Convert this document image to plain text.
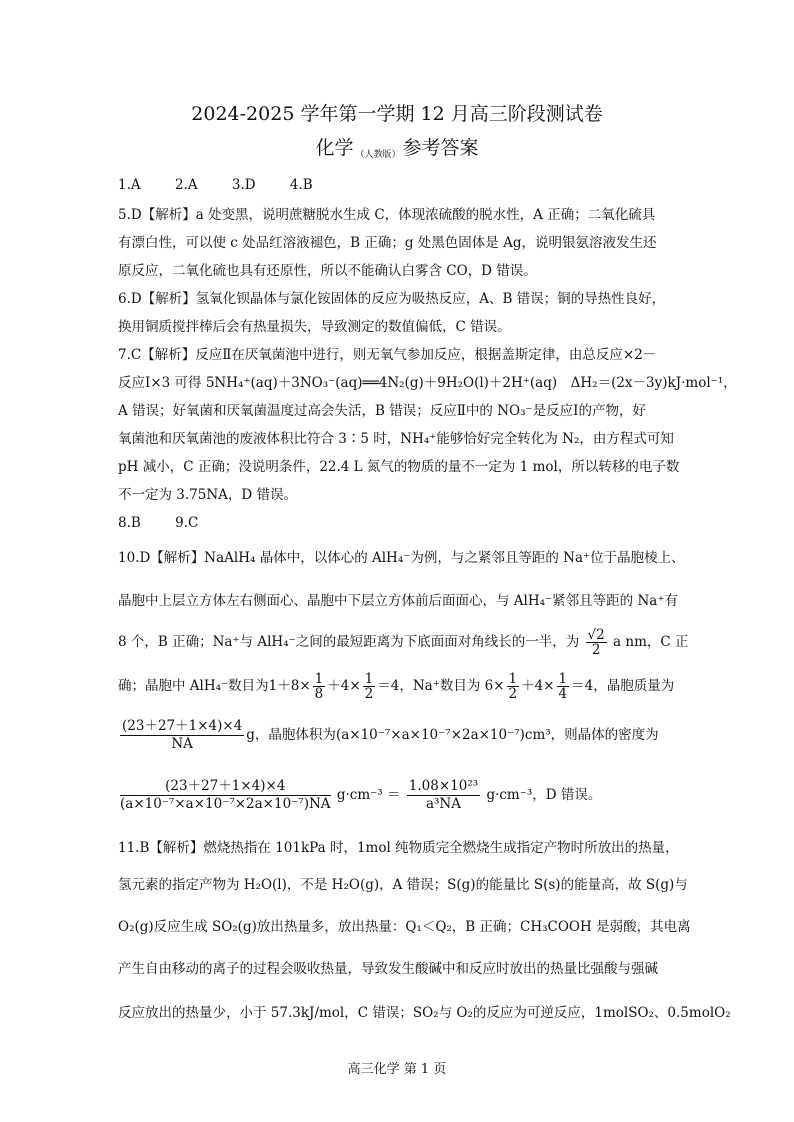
2024-2025 学年第一学期 12 月高三阶段测试卷
化学 $_{(人教版)}$ 参考答案
1.A	2.A	3.D	4.B
5.D【解析】a 处变黑，说明蔗糖脱水生成 C，体现浓硫酸的脱水性，A 正确；二氧化硫具
有漂白性，可以使 c 处品红溶液褪色，B 正确；g 处黑色固体是 Ag，说明银氨溶液发生还
原反应，二氧化硫也具有还原性，所以不能确认白雾含 CO，D 错误。
6.D【解析】氢氧化钡晶体与氯化铵固体的反应为吸热反应，A、B 错误；铜的导热性良好，
换用铜质搅拌棒后会有热量损失，导致测定的数值偏低，C 错误。
7.C【解析】反应Ⅱ在厌氧菌池中进行，则无氧气参加反应，根据盖斯定律，由总反应×2－
反应Ⅰ×3 可得 5NH₄⁺(aq)＋3NO₃⁻(aq)══4N₂(g)＋9H₂O(l)＋2H⁺(aq)　ΔH₂＝(2x－3y)kJ·mol⁻¹，
A 错误；好氧菌和厌氧菌温度过高会失活，B 错误；反应Ⅱ中的 NO₃⁻是反应Ⅰ的产物，好
氧菌池和厌氧菌池的废液体积比符合 3∶5 时，NH₄⁺能够恰好完全转化为 N₂，由方程式可知
pH 减小，C 正确；没说明条件，22.4 L 氮气的物质的量不一定为 1 mol，所以转移的电子数
不一定为 3.75NA，D 错误。
8.B	9.C
10.D【解析】NaAlH₄ 晶体中，以体心的 AlH₄⁻为例，与之紧邻且等距的 Na⁺位于晶胞棱上、
晶胞中上层立方体左右侧面心、晶胞中下层立方体前后面面心，与 AlH₄⁻紧邻且等距的 Na⁺有
8 个，B 正确；Na⁺与 AlH₄⁻之间的最短距离为下底面面对角线长的一半，为 $\frac{√2}{2}$ a nm，C 正
确；晶胞中 AlH₄⁻数目为$1+8\times \frac{1}{8} +4\times \frac{1}{2} =4$，Na⁺数目为 $6\times \frac{1}{2} +4\times \frac{1}{4} =4$，晶胞质量为
$\frac{(23+27+1\times 4)\times 4}{NA}$ g，晶胞体积为(a×10⁻⁷×a×10⁻⁷×2a×10⁻⁷)cm³，则晶体的密度为
$\frac{(23+27+1\times 4)\times 4}{\text{(a×10⁻⁷×a×10⁻⁷×2a×10⁻⁷)NA}} g\cdot cm^{-3} = \frac{\text{1.08×10²³}}{\text{a³NA}} g\cdot cm^{-3}$，D 错误。
11.B【解析】燃烧热指在 101kPa 时，1mol 纯物质完全燃烧生成指定产物时所放出的热量，
氢元素的指定产物为 H₂O(l)，不是 H₂O(g)，A 错误；S(g)的能量比 S(s)的能量高，故 S(g)与
O₂(g)反应生成 SO₂(g)放出热量多，放出热量：Q₁＜Q₂，B 正确；CH₃COOH 是弱酸，其电离
产生自由移动的离子的过程会吸收热量，导致发生酸碱中和反应时放出的热量比强酸与强碱
反应放出的热量少，小于 57.3kJ/mol，C 错误；SO₂与 O₂的反应为可逆反应，1molSO₂、0.5molO₂
高三化学 第 1 页
